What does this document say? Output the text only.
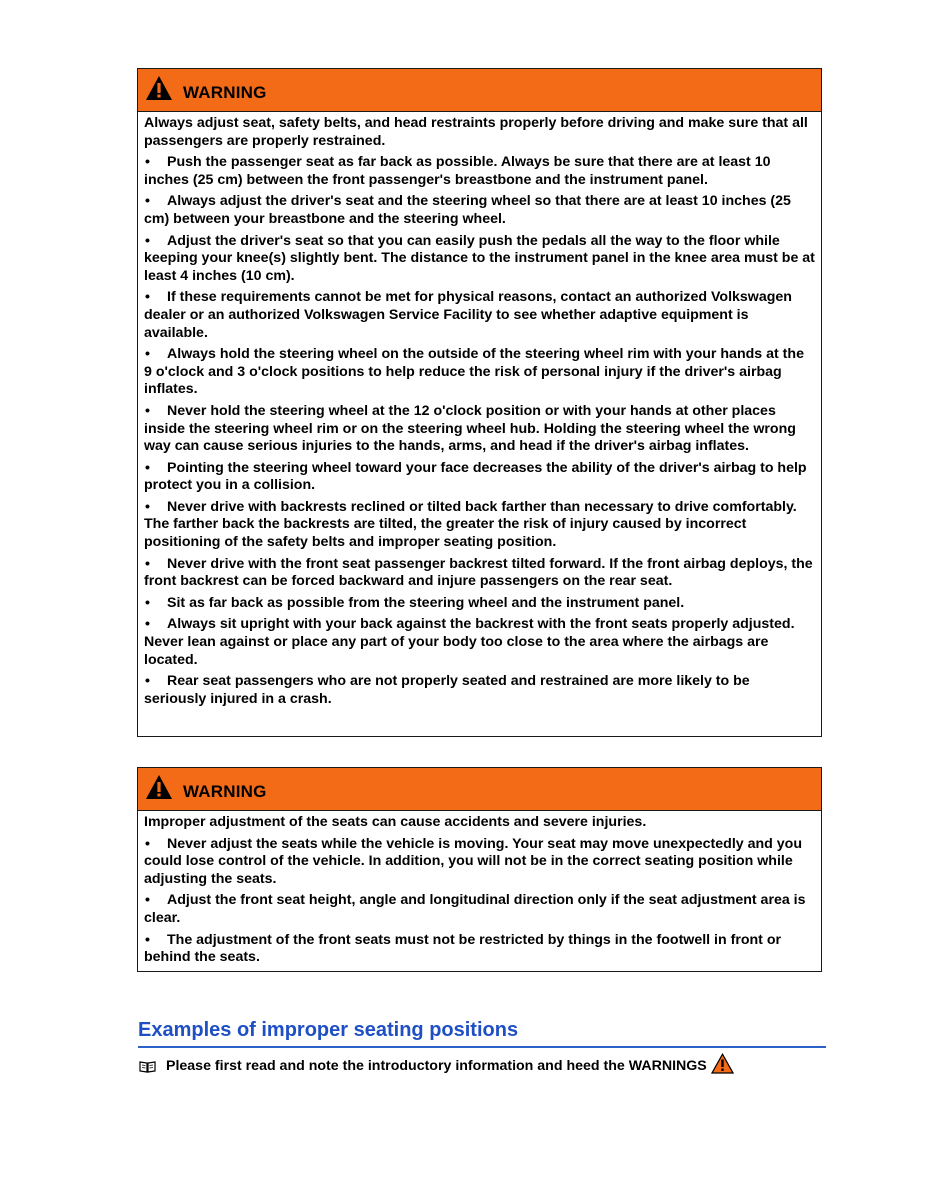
WARNING

Always adjust seat, safety belts, and head restraints properly before driving and make sure that all passengers are properly restrained.

• Push the passenger seat as far back as possible. Always be sure that there are at least 10 inches (25 cm) between the front passenger's breastbone and the instrument panel.
• Always adjust the driver's seat and the steering wheel so that there are at least 10 inches (25 cm) between your breastbone and the steering wheel.
• Adjust the driver's seat so that you can easily push the pedals all the way to the floor while keeping your knee(s) slightly bent. The distance to the instrument panel in the knee area must be at least 4 inches (10 cm).
• If these requirements cannot be met for physical reasons, contact an authorized Volkswagen dealer or an authorized Volkswagen Service Facility to see whether adaptive equipment is available.
• Always hold the steering wheel on the outside of the steering wheel rim with your hands at the 9 o'clock and 3 o'clock positions to help reduce the risk of personal injury if the driver's airbag inflates.
• Never hold the steering wheel at the 12 o'clock position or with your hands at other places inside the steering wheel rim or on the steering wheel hub. Holding the steering wheel the wrong way can cause serious injuries to the hands, arms, and head if the driver's airbag inflates.
• Pointing the steering wheel toward your face decreases the ability of the driver's airbag to help protect you in a collision.
• Never drive with backrests reclined or tilted back farther than necessary to drive comfortably. The farther back the backrests are tilted, the greater the risk of injury caused by incorrect positioning of the safety belts and improper seating position.
• Never drive with the front seat passenger backrest tilted forward. If the front airbag deploys, the front backrest can be forced backward and injure passengers on the rear seat.
• Sit as far back as possible from the steering wheel and the instrument panel.
• Always sit upright with your back against the backrest with the front seats properly adjusted. Never lean against or place any part of your body too close to the area where the airbags are located.
• Rear seat passengers who are not properly seated and restrained are more likely to be seriously injured in a crash.
WARNING

Improper adjustment of the seats can cause accidents and severe injuries.

• Never adjust the seats while the vehicle is moving. Your seat may move unexpectedly and you could lose control of the vehicle. In addition, you will not be in the correct seating position while adjusting the seats.
• Adjust the front seat height, angle and longitudinal direction only if the seat adjustment area is clear.
• The adjustment of the front seats must not be restricted by things in the footwell in front or behind the seats.
Examples of improper seating positions
Please first read and note the introductory information and heed the WARNINGS
